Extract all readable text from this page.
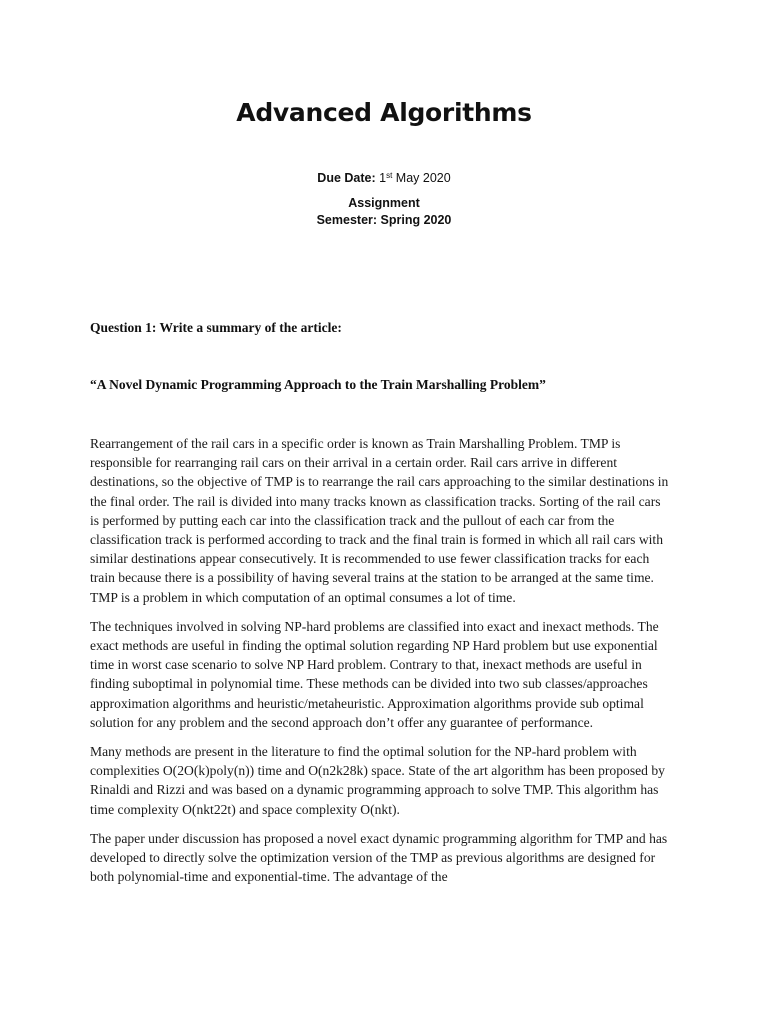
Advanced Algorithms

Due Date: 1st May 2020

Assignment

Semester: Spring 2020

Question 1: Write a summary of the article:

“A Novel Dynamic Programming Approach to the Train Marshalling Problem”

Rearrangement of the rail cars in a specific order is known as Train Marshalling Problem. TMP is responsible for rearranging rail cars on their arrival in a certain order. Rail cars arrive in different destinations, so the objective of TMP is to rearrange the rail cars approaching to the similar destinations in the final order. The rail is divided into many tracks known as classification tracks. Sorting of the rail cars is performed by putting each car into the classification track and the pullout of each car from the classification track is performed according to track and the final train is formed in which all rail cars with similar destinations appear consecutively. It is recommended to use fewer classification tracks for each train because there is a possibility of having several trains at the station to be arranged at the same time. TMP is a problem in which computation of an optimal consumes a lot of time.

The techniques involved in solving NP-hard problems are classified into exact and inexact methods. The exact methods are useful in finding the optimal solution regarding NP Hard problem but use exponential time in worst case scenario to solve NP Hard problem. Contrary to that, inexact methods are useful in finding suboptimal in polynomial time. These methods can be divided into two sub classes/approaches approximation algorithms and heuristic/metaheuristic. Approximation algorithms provide sub optimal solution for any problem and the second approach don’t offer any guarantee of performance.

Many methods are present in the literature to find the optimal solution for the NP-hard problem with complexities O(2O(k)poly(n)) time and O(n2k28k) space. State of the art algorithm has been proposed by Rinaldi and Rizzi and was based on a dynamic programming approach to solve TMP. This algorithm has time complexity O(nkt22t) and space complexity O(nkt).

The paper under discussion has proposed a novel exact dynamic programming algorithm for TMP and has developed to directly solve the optimization version of the TMP as previous algorithms are designed for both polynomial-time and exponential-time. The advantage of the
